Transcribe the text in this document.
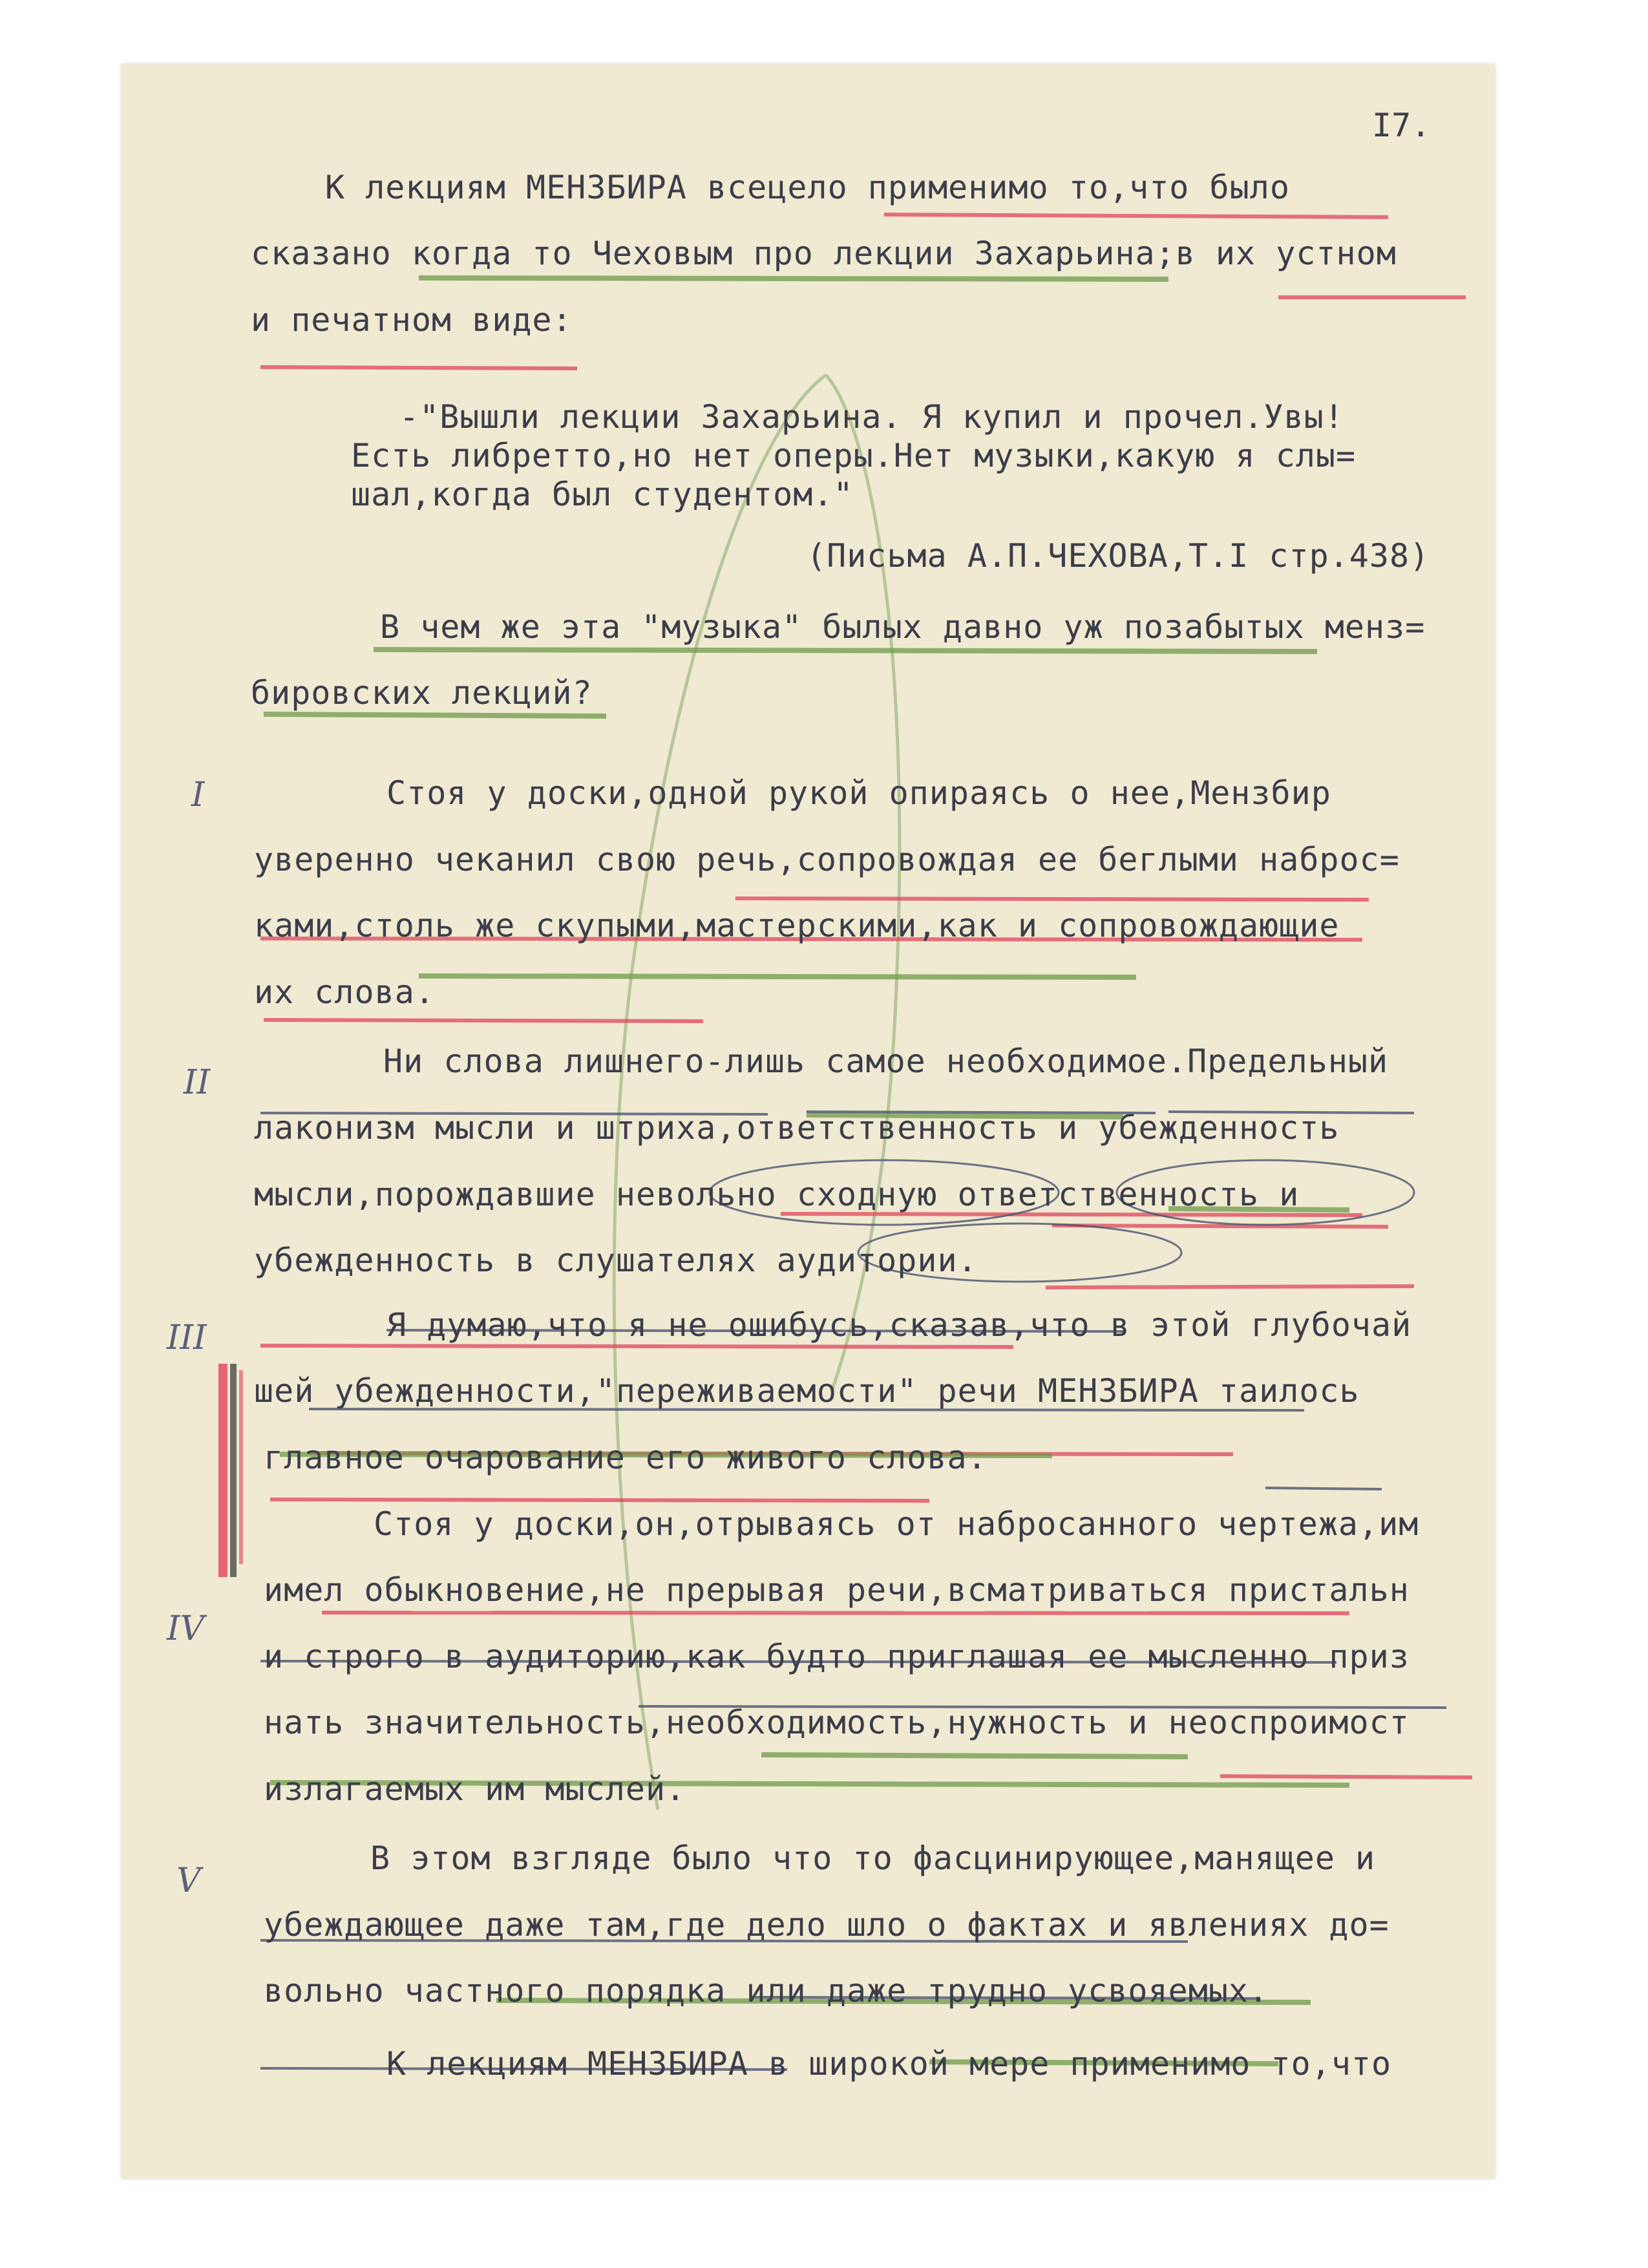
I7.
К лекциям МЕНЗБИРА всецело применимо то,что было
сказано когда то Чеховым про лекции Захарьина;в их устном
и печатном виде:
-"Вышли лекции Захарьина. Я купил и прочел.Увы!
Есть либретто,но нет оперы.Нет музыки,какую я слы=
шал,когда был студентом."
(Письма А.П.ЧЕХОВА,Т.I стр.438)
В чем же эта "музыка" былых давно уж позабытых менз=
бировских лекций?
Стоя у доски,одной рукой опираясь о нее,Мензбир
уверенно чеканил свою речь,сопровождая ее беглыми наброс=
ками,столь же скупыми,мастерскими,как и сопровождающие
их слова.
Ни слова лишнего-лишь самое необходимое.Предельный
лаконизм мысли и штриха,ответственность и убежденность
мысли,порождавшие невольно сходную ответственность и
убежденность в слушателях аудитории.
Я думаю,что я не ошибусь,сказав,что в этой глубочай
шей убежденности,"переживаемости" речи МЕНЗБИРА таилось
главное очарование его живого слова.
Стоя у доски,он,отрываясь от набросанного чертежа,им
имел обыкновение,не прерывая речи,всматриваться пристальн
и строго в аудиторию,как будто приглашая ее мысленно приз
нать значительность,необходимость,нужность и неоспроимост
излагаемых им мыслей.
В этом взгляде было что то фасцинирующее,манящее и
убеждающее даже там,где дело шло о фактах и явлениях до=
вольно частного порядка или даже трудно усвояемых.
К лекциям МЕНЗБИРА в широкой мере применимо то,что
I
II
III
IV
V
